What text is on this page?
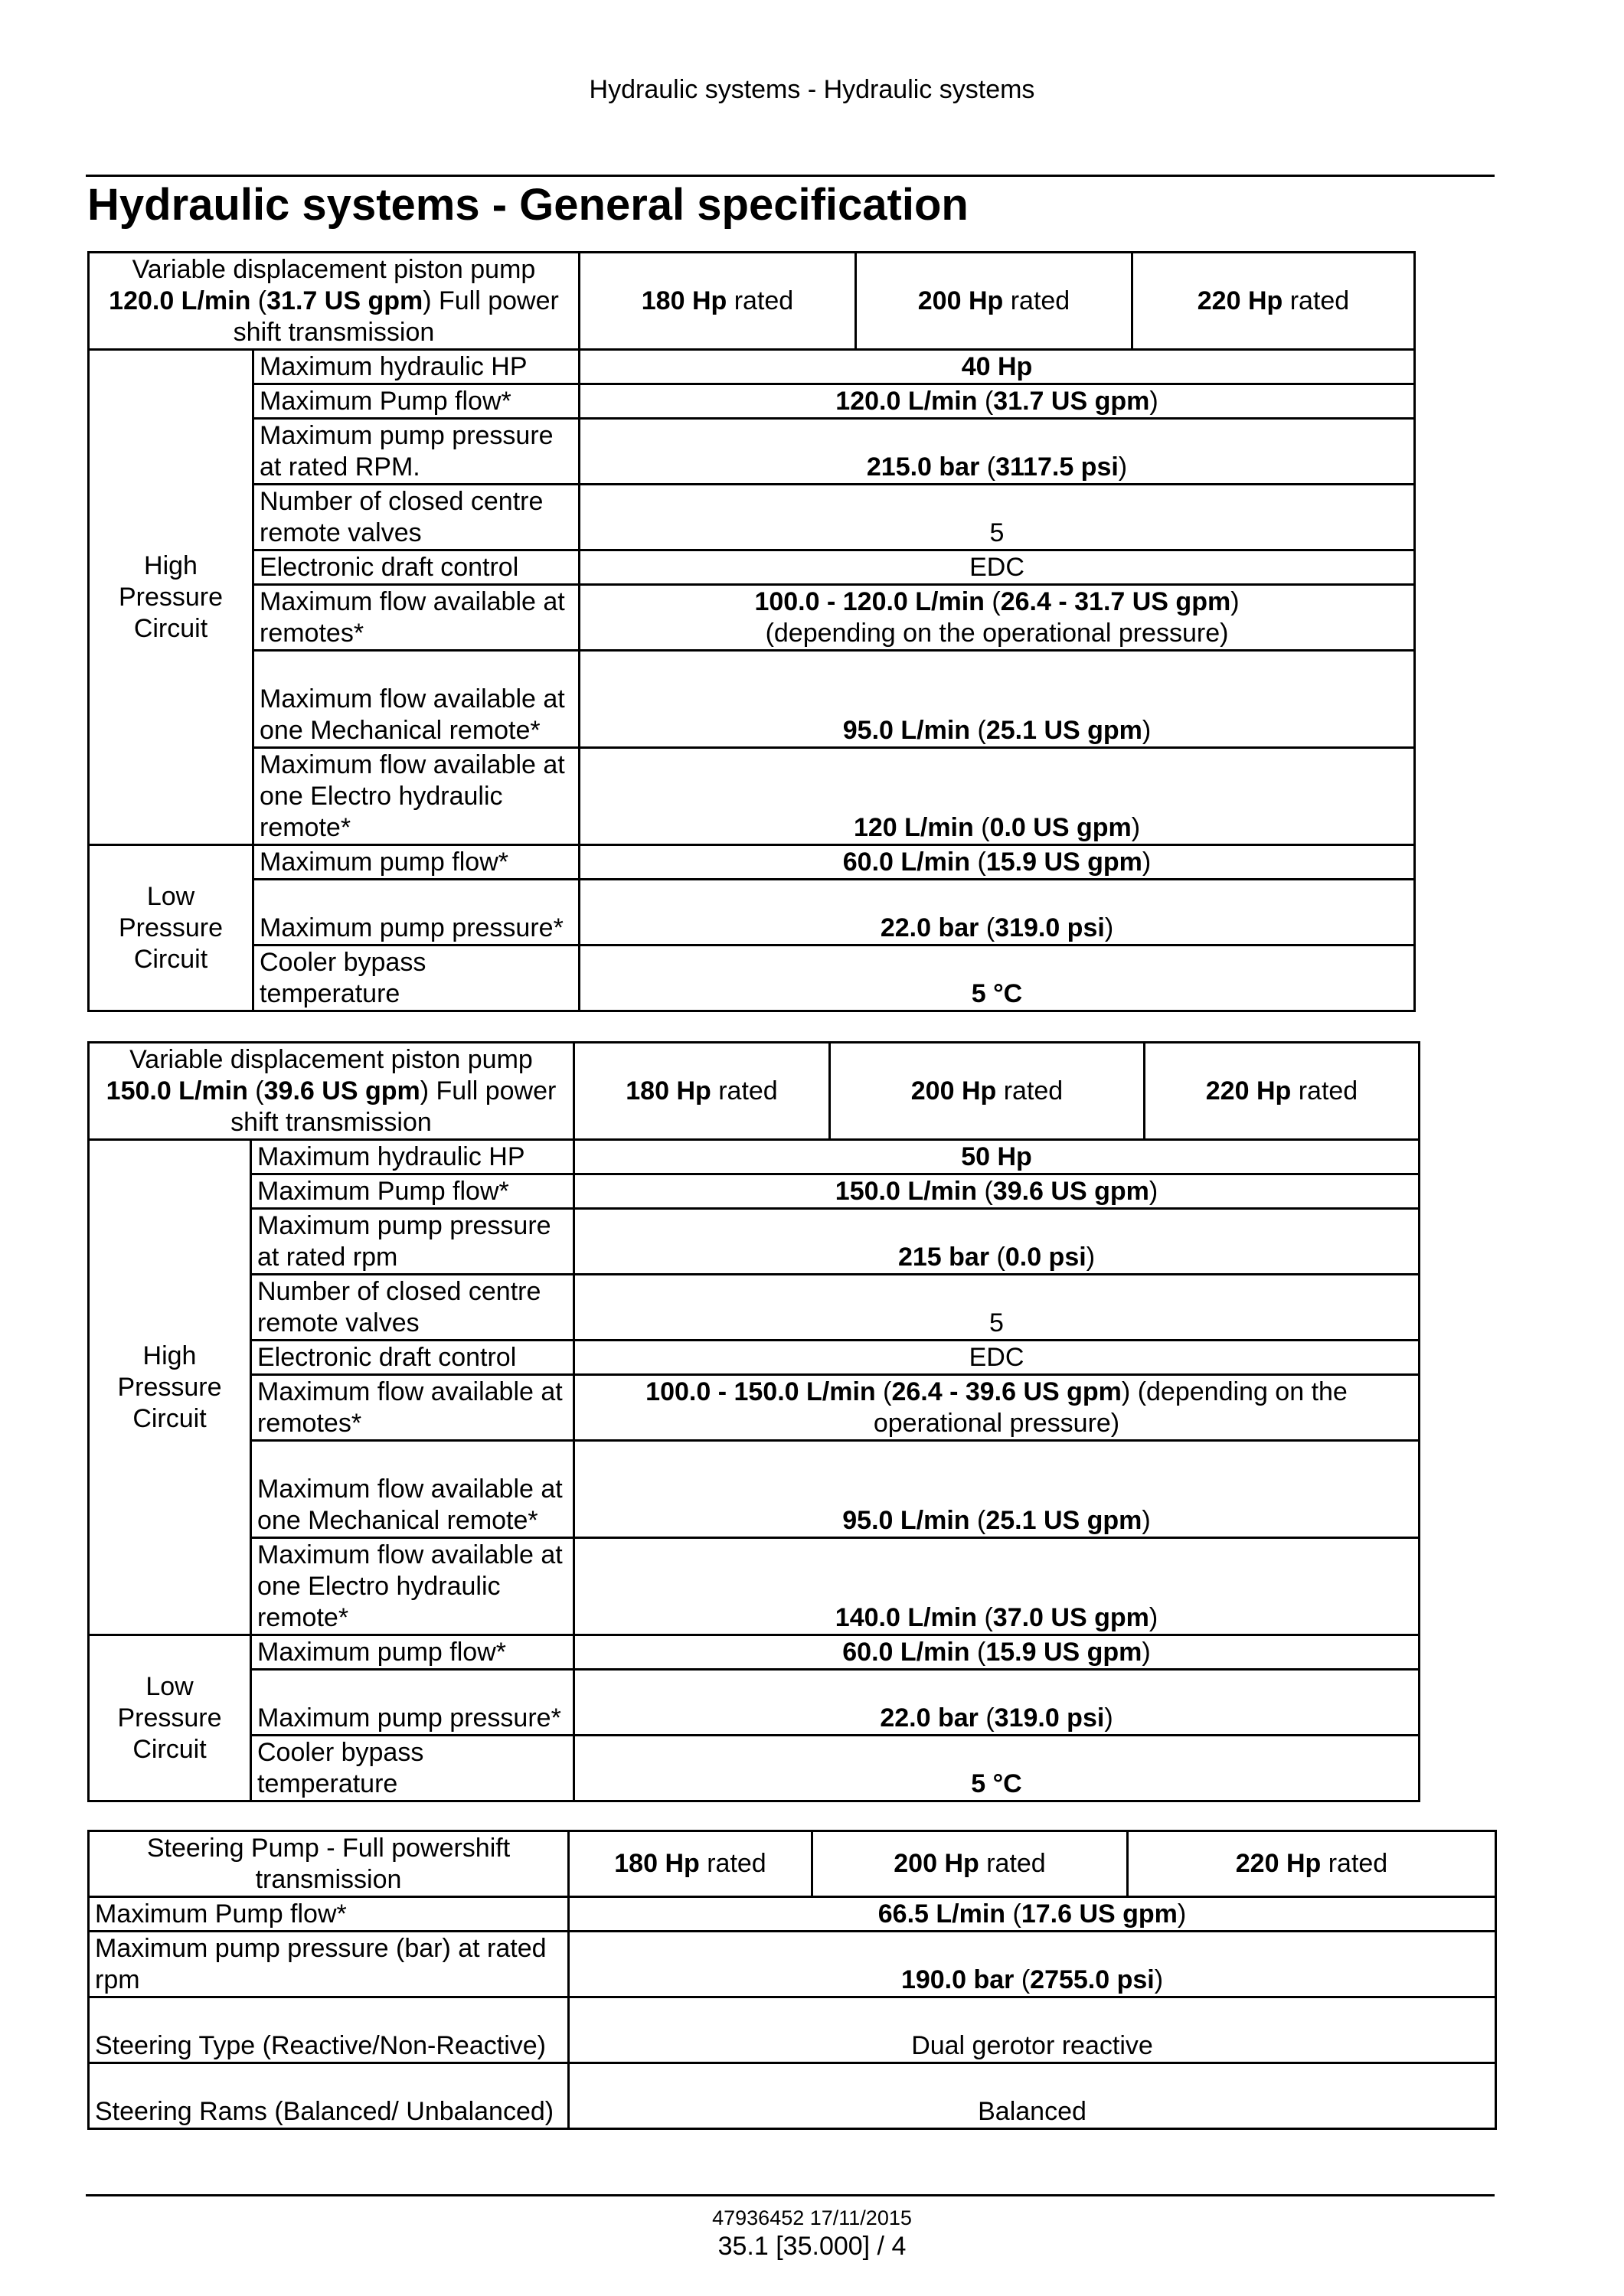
Hydraulic systems - Hydraulic systems
Hydraulic systems - General specification
Variable displacement piston pump
120.0 L/min (31.7 US gpm) Full power shift transmission		180 Hp rated	200 Hp rated	220 Hp rated
High Pressure Circuit	Maximum hydraulic HP	40 Hp		
	Maximum Pump flow*	120.0 L/min (31.7 US gpm)		
	Maximum pump pressure at rated RPM.	215.0 bar (3117.5 psi)		
	Number of closed centre remote valves	5		
	Electronic draft control	EDC		
	Maximum flow available at remotes*	100.0 - 120.0 L/min (26.4 - 31.7 US gpm)
(depending on the operational pressure)		
	Maximum flow available at one Mechanical remote*	95.0 L/min (25.1 US gpm)		
	Maximum flow available at one Electro hydraulic remote*	120 L/min (0.0 US gpm)		
Low Pressure Circuit	Maximum pump flow*	60.0 L/min (15.9 US gpm)		
	Maximum pump pressure*	22.0 bar (319.0 psi)		
	Cooler bypass temperature	5 °C		
Variable displacement piston pump
150.0 L/min (39.6 US gpm) Full power shift transmission		180 Hp rated	200 Hp rated	220 Hp rated
High Pressure Circuit	Maximum hydraulic HP	50 Hp		
	Maximum Pump flow*	150.0 L/min (39.6 US gpm)		
	Maximum pump pressure at rated rpm	215 bar (0.0 psi)		
	Number of closed centre remote valves	5		
	Electronic draft control	EDC		
	Maximum flow available at remotes*	100.0 - 150.0 L/min (26.4 - 39.6 US gpm) (depending on the operational pressure)		
	Maximum flow available at one Mechanical remote*	95.0 L/min (25.1 US gpm)		
	Maximum flow available at one Electro hydraulic remote*	140.0 L/min (37.0 US gpm)		
Low Pressure Circuit	Maximum pump flow*	60.0 L/min (15.9 US gpm)		
	Maximum pump pressure*	22.0 bar (319.0 psi)		
	Cooler bypass temperature	5 °C		
Steering Pump - Full powershift transmission	180 Hp rated	200 Hp rated	220 Hp rated
Maximum Pump flow*	66.5 L/min (17.6 US gpm)		
Maximum pump pressure (bar) at rated rpm	190.0 bar (2755.0 psi)		
Steering Type (Reactive/Non-Reactive)	Dual gerotor reactive		
Steering Rams (Balanced/ Unbalanced)	Balanced		
47936452 17/11/2015
35.1 [35.000] / 4
